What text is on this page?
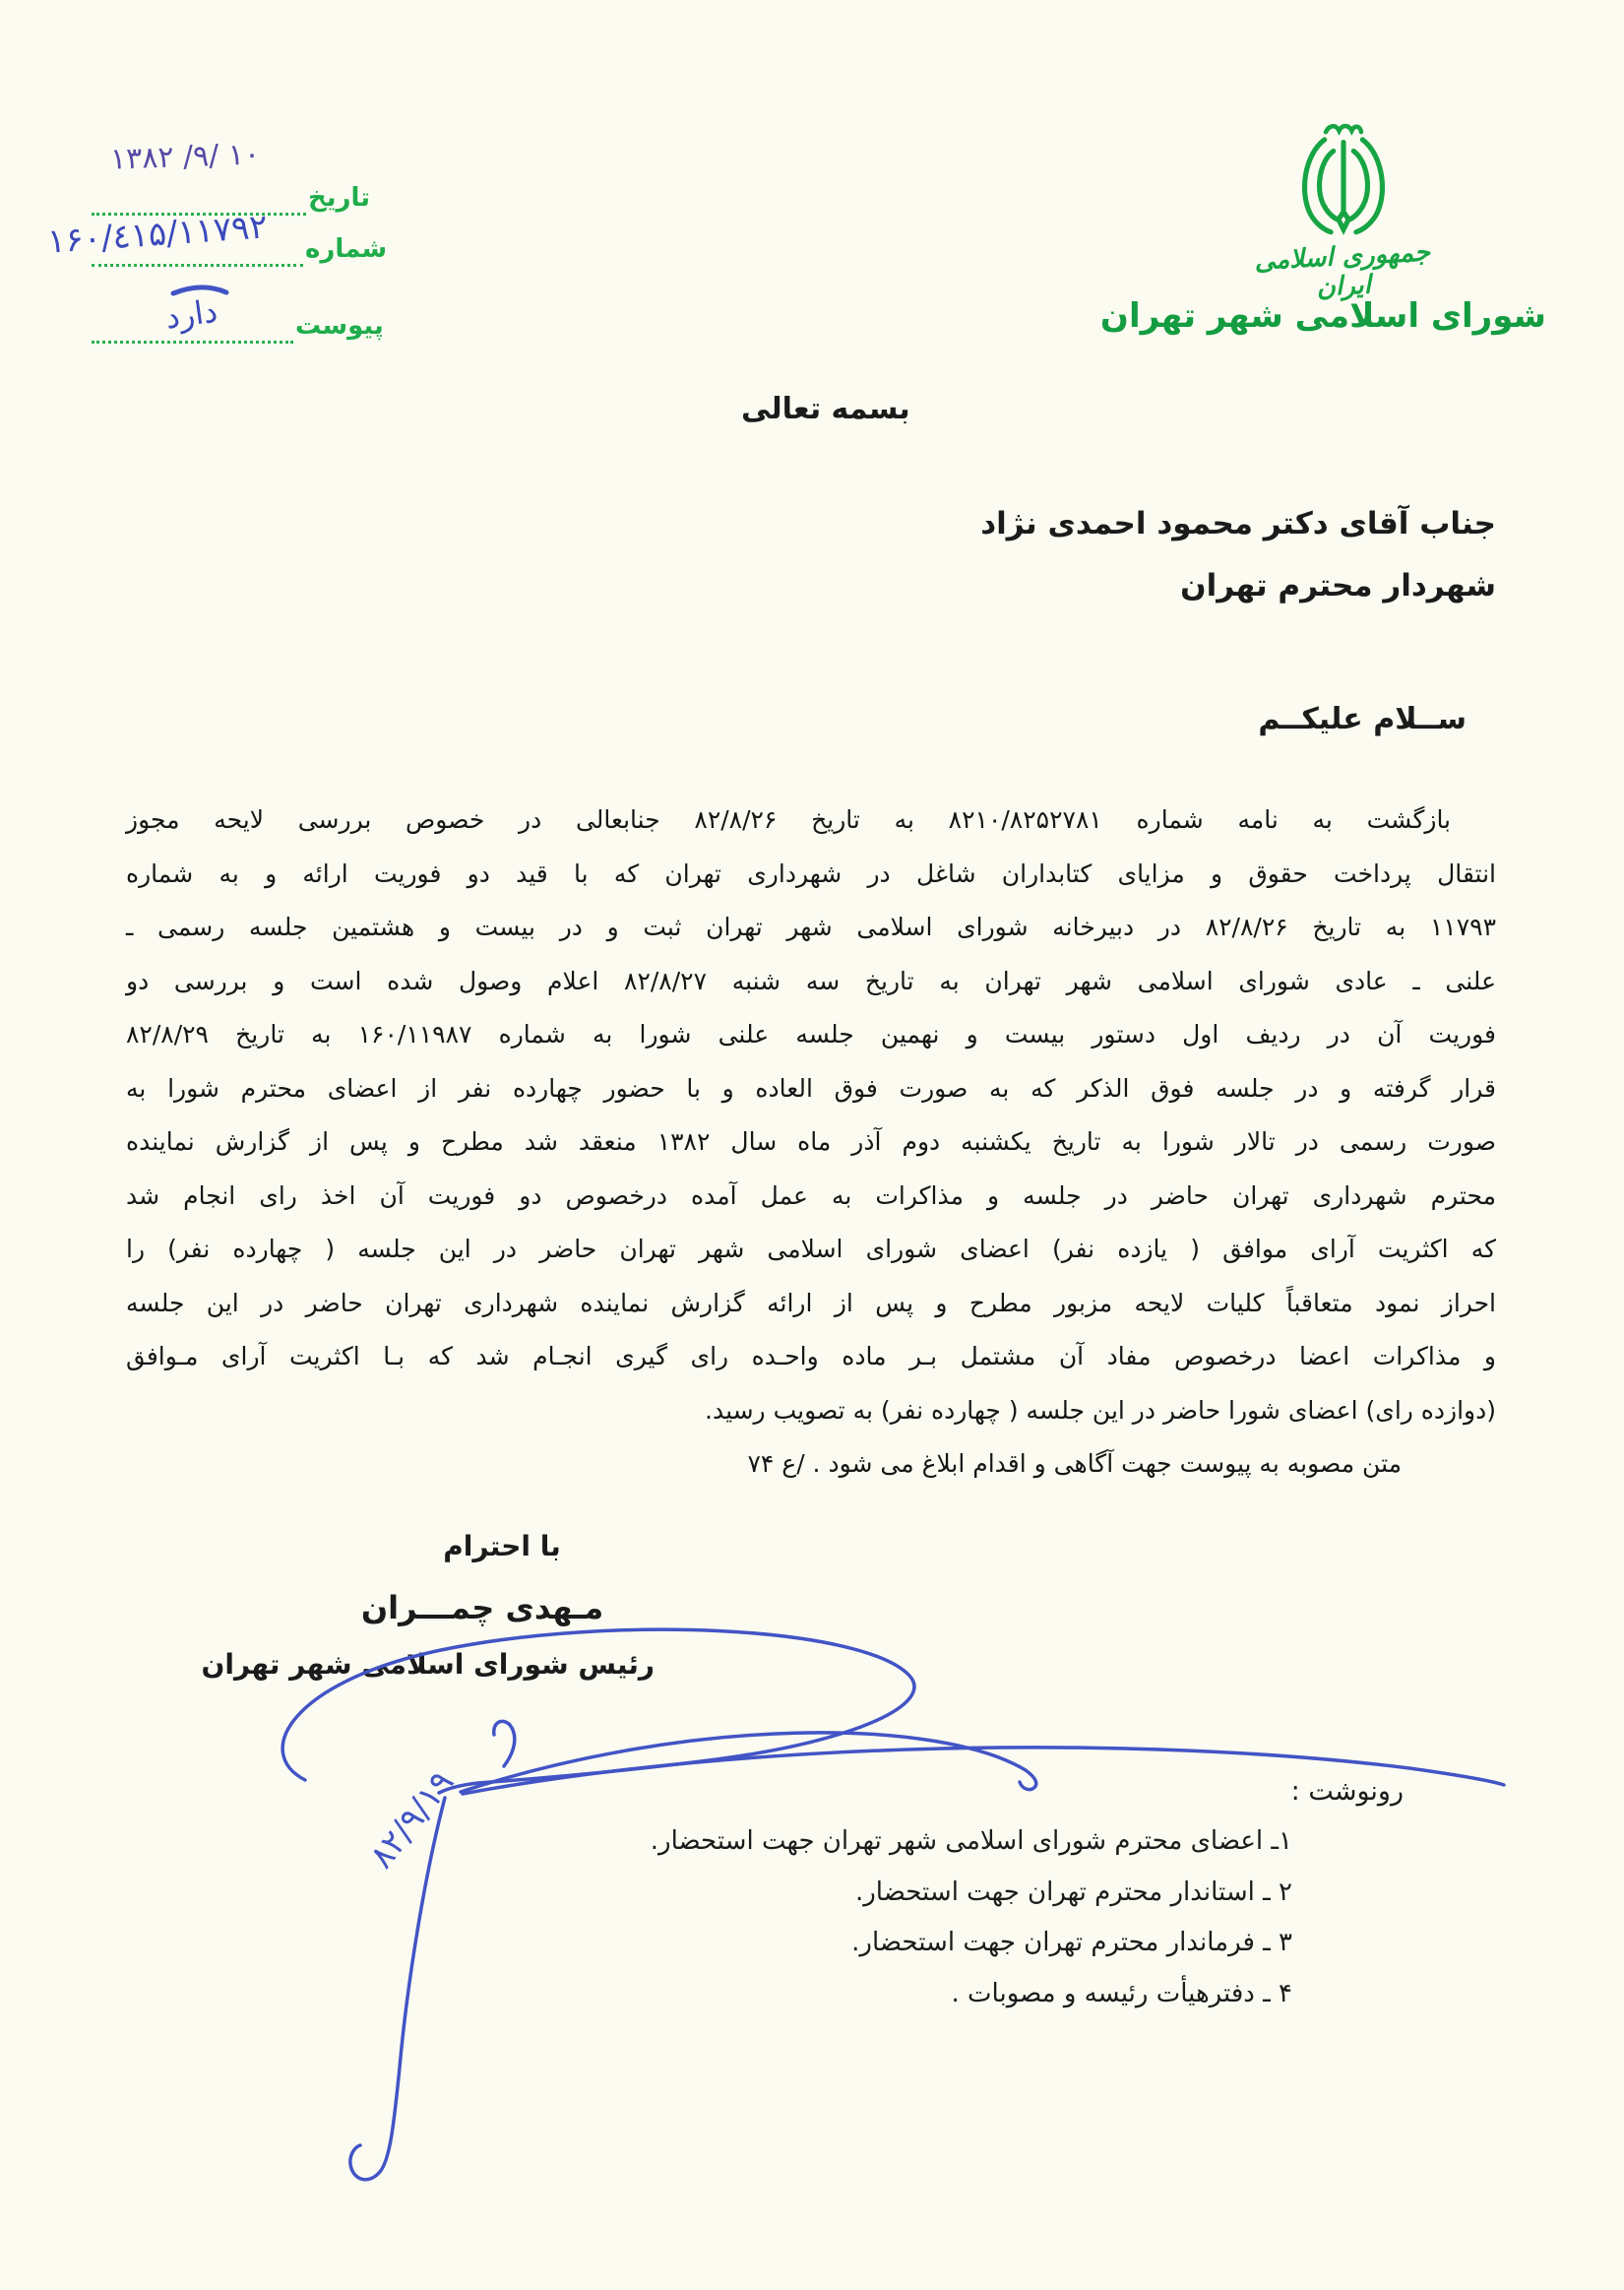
تاریخ
۱۳۸۲ /۹/ ۱۰
شماره
۱۶۰/٤۱۵/۱۱۷۹۲
پیوست
دارد
جمهوری اسلامی ایران
شورای اسلامی شهر تهران
بسمه تعالی
جناب آقای دکتر محمود احمدی نژاد
شهردار محترم تهران
ســلام علیکــم
بازگشت به نامه شماره ۸۲۱۰/۸۲۵۲۷۸۱ به تاریخ ۸۲/۸/۲۶ جنابعالی در خصوص بررسی لایحه مجوز
انتقال پرداخت حقوق و مزایای کتابداران شاغل در شهرداری تهران که با قید دو فوریت ارائه و به شماره
۱۱۷۹۳ به تاریخ ۸۲/۸/۲۶ در دبیرخانه شورای اسلامی شهر تهران ثبت و در بیست و هشتمین جلسه رسمی ـ
علنی ـ عادی شورای اسلامی شهر تهران به تاریخ سه شنبه ۸۲/۸/۲۷ اعلام وصول شده است و بررسی دو
فوریت آن در ردیف اول دستور بیست و نهمین جلسه علنی شورا به شماره ۱۶۰/۱۱۹۸۷ به تاریخ ۸۲/۸/۲۹
قرار گرفته و در جلسه فوق الذکر که به صورت فوق العاده و با حضور چهارده نفر از اعضای محترم شورا به
صورت رسمی در تالار شورا به تاریخ یکشنبه دوم آذر ماه سال ۱۳۸۲ منعقد شد مطرح و پس از گزارش نماینده
محترم شهرداری تهران حاضر در جلسه و مذاکرات به عمل آمده درخصوص دو فوریت آن اخذ رای انجام شد
که اکثریت آرای موافق ( یازده نفر) اعضای شورای اسلامی شهر تهران حاضر در این جلسه ( چهارده نفر) را
احراز نمود متعاقباً کلیات لایحه مزبور مطرح و پس از ارائه گزارش نماینده شهرداری تهران حاضر در این جلسه
و مذاکرات اعضا درخصوص مفاد آن مشتمل بـر ماده واحـده رای گیری انجـام شد که بـا اکثریت آرای مـوافق
(دوازده رای) اعضای شورا حاضر در این جلسه ( چهارده نفر) به تصویب رسید.
متن مصوبه به پیوست جهت آگاهی و اقدام ابلاغ می شود . /ع ۷۴
با احترام
مـهدی چمـــران
رئیس شورای اسلامی شهر تهران
رونوشت :
۱ـ اعضای محترم شورای اسلامی شهر تهران جهت استحضار.
۲ ـ استاندار محترم تهران جهت استحضار.
۳ ـ فرماندار محترم تهران جهت استحضار.
۴ ـ دفترهیأت رئیسه و مصوبات .
۸۲/۹/۱۹
